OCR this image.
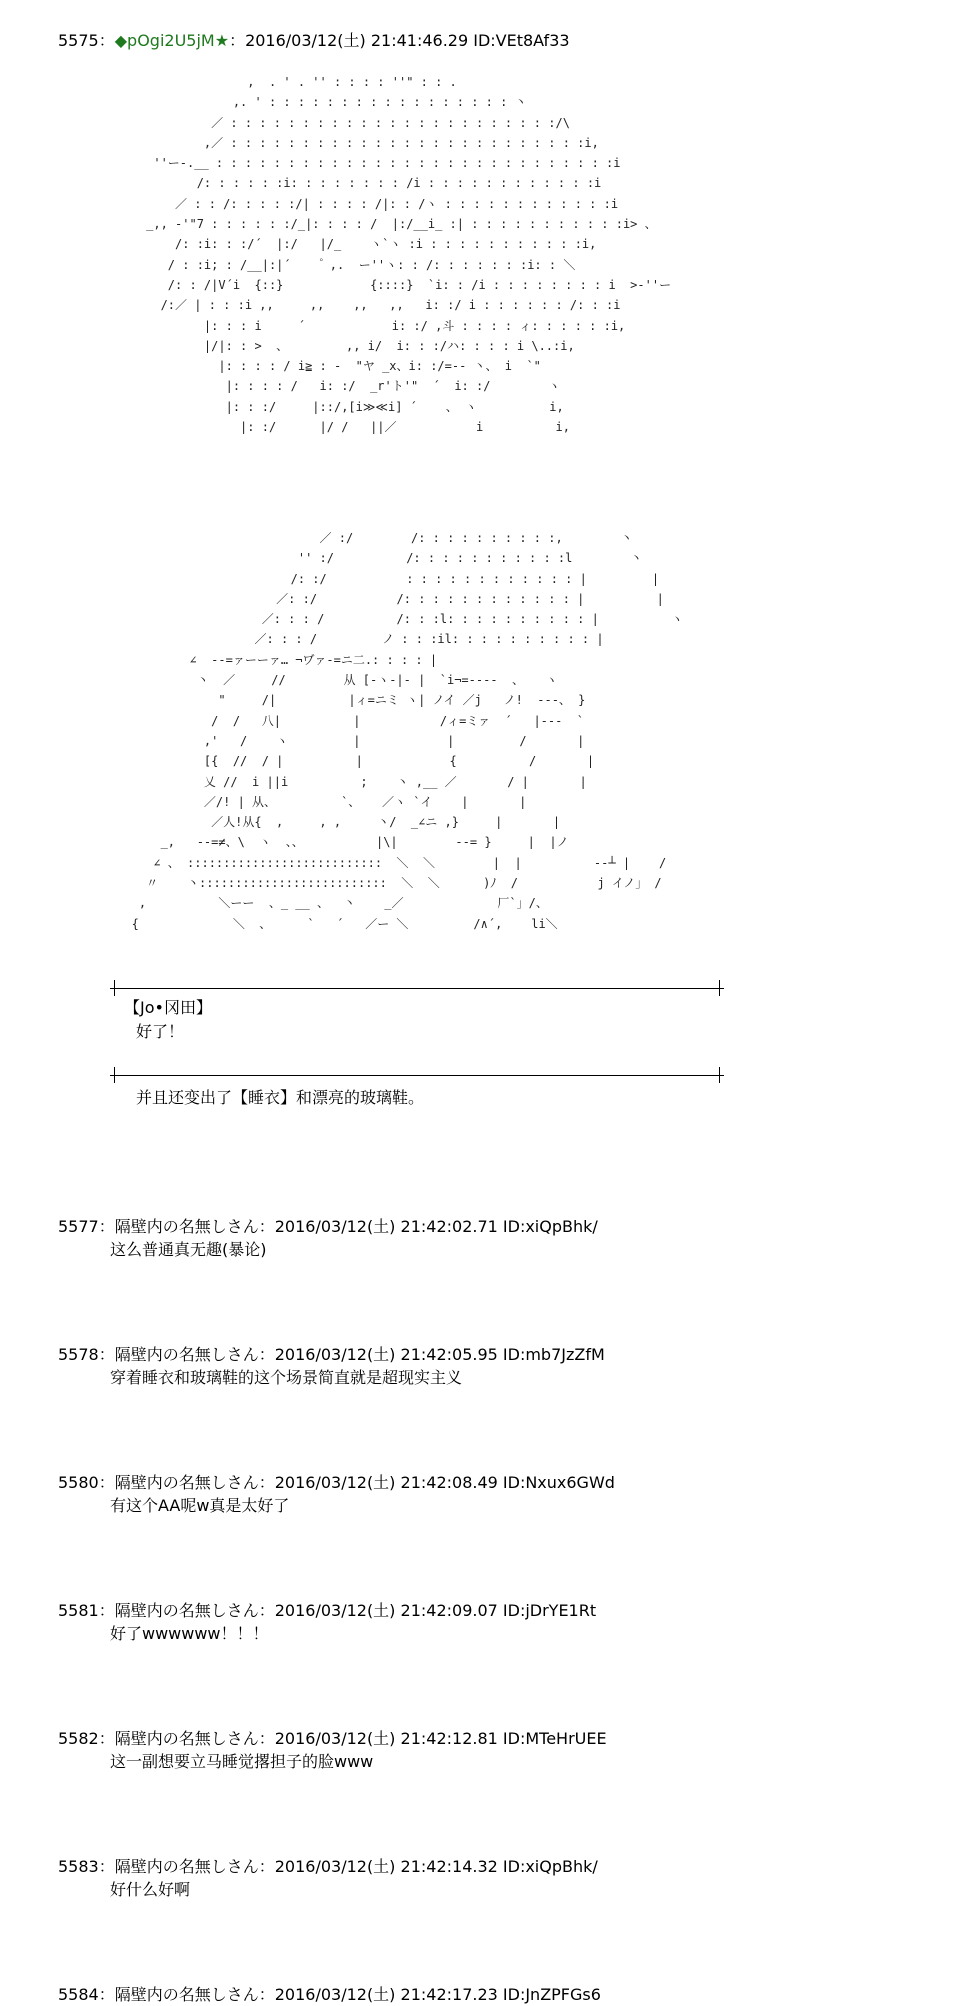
5575：◆pOgi2U5jM★：2016/03/12(土) 21:41:46.29 ID:VEt8Af33
,  . ' . '' : : : : ''" : : .
,. ' : : : : : : : : : : : : : : : : : 丶
／ : : : : : : : : : : : : : : : : : : : : : : :/\
,／ : : : : : : : : : : : : : : : : : : : : : : : : :i,
''ー‐.__ : : : : : : : : : : : : : : : : : : : : : : : : : : : :i
/: : : : : :i: : : : : : : : /i : : : : : : : : : : : :i
／ : : /: : : : :/| : : : : /|: : /ヽ : : : : : : : : : : : :i
_,, -'"7 : : : : : :/_|: : : : /  |:/__i_ :| : : : : : : : : : : :i> 、
/: :i: : :/´  |:/   |/_    ヽ`ヽ :i : : : : : : : : : : :i,
/ : :i; : /__|:|´     ゚ ,.  ー''ヽ: : /: : : : : : :i: : ＼
/: : /|V´i  {::}            {::::}  `i: : /i : : : : : : : : i  >‐''ー
/:／ | : : :i ,,     ,,    ,,   ,,   i: :/ i : : : : : : /: : :i
|: : : i     ´            i: :/ ,斗 : : : : ィ: : : : : :i,
|/|: : >  、        ,, i/  i: : :/ハ: : : : i \..:i,
|: : : : / i≧ : -  "ヤ _x、i: :/=‐‐ 丶、 i  `"
|: : : : /   i: :/  _r'ト'"  ´  i: :/        ヽ
|: : :/     |::/,[i≫≪i] ´    、 ヽ          i,
|: :/      |/ /   ||／           i          i,
／ :/        /: : : : : : : : : :,        丶
'' :/          /: : : : : : : : : : :l        丶
/: :/           : : : : : : : : : : : : |         |
／: :/           /: : : : : : : : : : : : |          |
／: : : /          /: : :l: : : : : : : : : : |          ヽ
／: : : /         ノ : : :il: : : : : : : : : : |
∠  ‐-=ァーーァ… ¬ヷァ‐=ニ二.: : : : |
丶  ／     //        从 [‐ヽ‐|‐ |  `i¬=‐‐‐-  、   ヽ
"     /|          |ィ=ニミ ヽ| ノイ ／j   ノ!  ‐‐-、 }
/  /   八|          |           /ィ=ミァ  ´   |‐‐-  `
,'   /    ヽ         |            |         /       |
[{  //  / |          |            {          /       |
乂 //  i ||i          ;    丶 ,__ ／       / |       |
／/! | 从、         `、   ／ヽ `イ    |       |
／人!从{  ,     , ,     丶/  _∠ニ ,}     |       |
_,   ‐‐=≠、\  ヽ  、、          |\|        ‐‐= }     |  |ノ
∠ 、 :::::::::::::::::::::::::::  ＼  ＼        |  |          ‐‐┴ |    /
〃    丶::::::::::::::::::::::::::  ＼  ＼      )ﾉ  /           j イノ」 /
,          ＼ーー  、_ __ 、  丶    _／             厂`」/、
{             ＼  、     `   ´   ／ー ＼         /∧´,    li＼
【Jo•冈田】
好了！
并且还变出了【睡衣】和漂亮的玻璃鞋。
5577：隔壁内の名無しさん：2016/03/12(土) 21:42:02.71 ID:xiQpBhk/
这么普通真无趣(暴论)
5578：隔壁内の名無しさん：2016/03/12(土) 21:42:05.95 ID:mb7JzZfM
穿着睡衣和玻璃鞋的这个场景简直就是超现实主义
5580：隔壁内の名無しさん：2016/03/12(土) 21:42:08.49 ID:Nxux6GWd
有这个AA呢w真是太好了
5581：隔壁内の名無しさん：2016/03/12(土) 21:42:09.07 ID:jDrYE1Rt
好了wwwwww！！！
5582：隔壁内の名無しさん：2016/03/12(土) 21:42:12.81 ID:MTeHrUEE
这一副想要立马睡觉撂担子的脸www
5583：隔壁内の名無しさん：2016/03/12(土) 21:42:14.32 ID:xiQpBhk/
好什么好啊
5584：隔壁内の名無しさん：2016/03/12(土) 21:42:17.23 ID:JnZPFGs6
